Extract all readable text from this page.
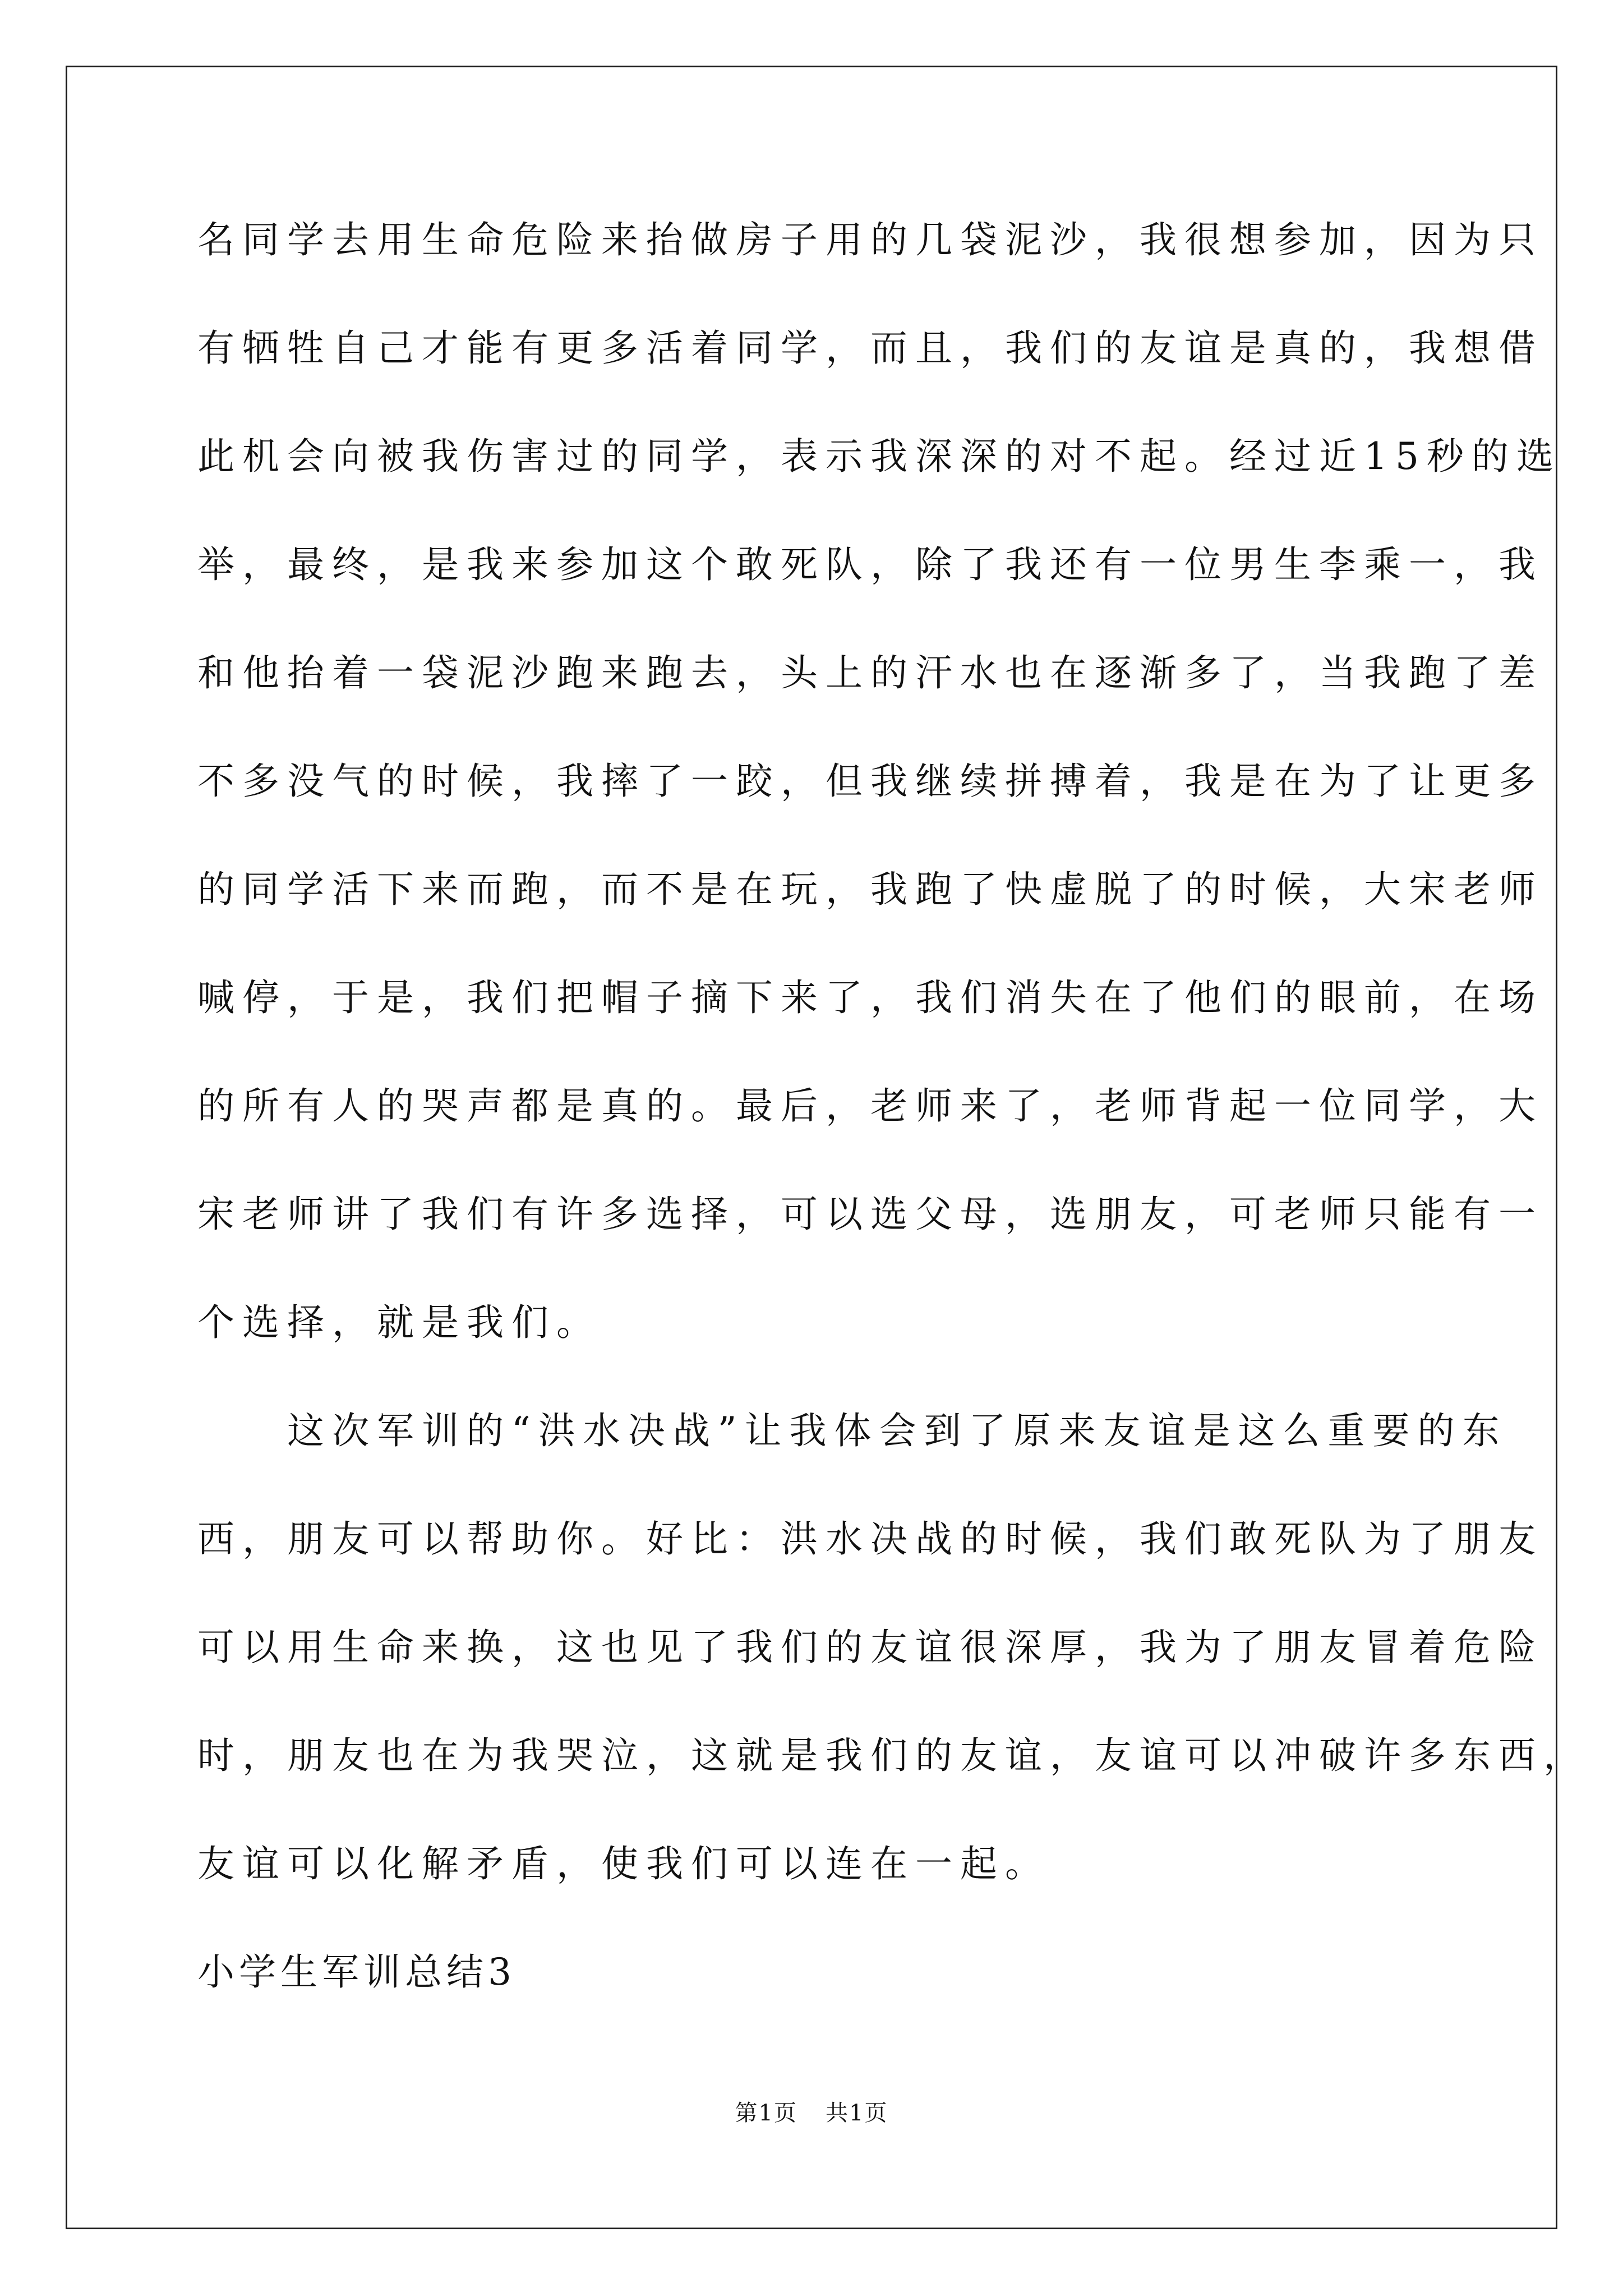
名同学去用生命危险来抬做房子用的几袋泥沙，我很想参加，因为只
有牺牲自己才能有更多活着同学，而且，我们的友谊是真的，我想借
此机会向被我伤害过的同学，表示我深深的对不起。经过近15秒的选
举，最终，是我来参加这个敢死队，除了我还有一位男生李乘一，我
和他抬着一袋泥沙跑来跑去，头上的汗水也在逐渐多了，当我跑了差
不多没气的时候，我摔了一跤，但我继续拼搏着，我是在为了让更多
的同学活下来而跑，而不是在玩，我跑了快虚脱了的时候，大宋老师
喊停，于是，我们把帽子摘下来了，我们消失在了他们的眼前，在场
的所有人的哭声都是真的。最后，老师来了，老师背起一位同学，大
宋老师讲了我们有许多选择，可以选父母，选朋友，可老师只能有一
个选择，就是我们。
这次军训的“洪水决战”让我体会到了原来友谊是这么重要的东
西，朋友可以帮助你。好比：洪水决战的时候，我们敢死队为了朋友
可以用生命来换，这也见了我们的友谊很深厚，我为了朋友冒着危险
时，朋友也在为我哭泣，这就是我们的友谊，友谊可以冲破许多东西，
友谊可以化解矛盾，使我们可以连在一起。
小学生军训总结3
第1页 共1页
